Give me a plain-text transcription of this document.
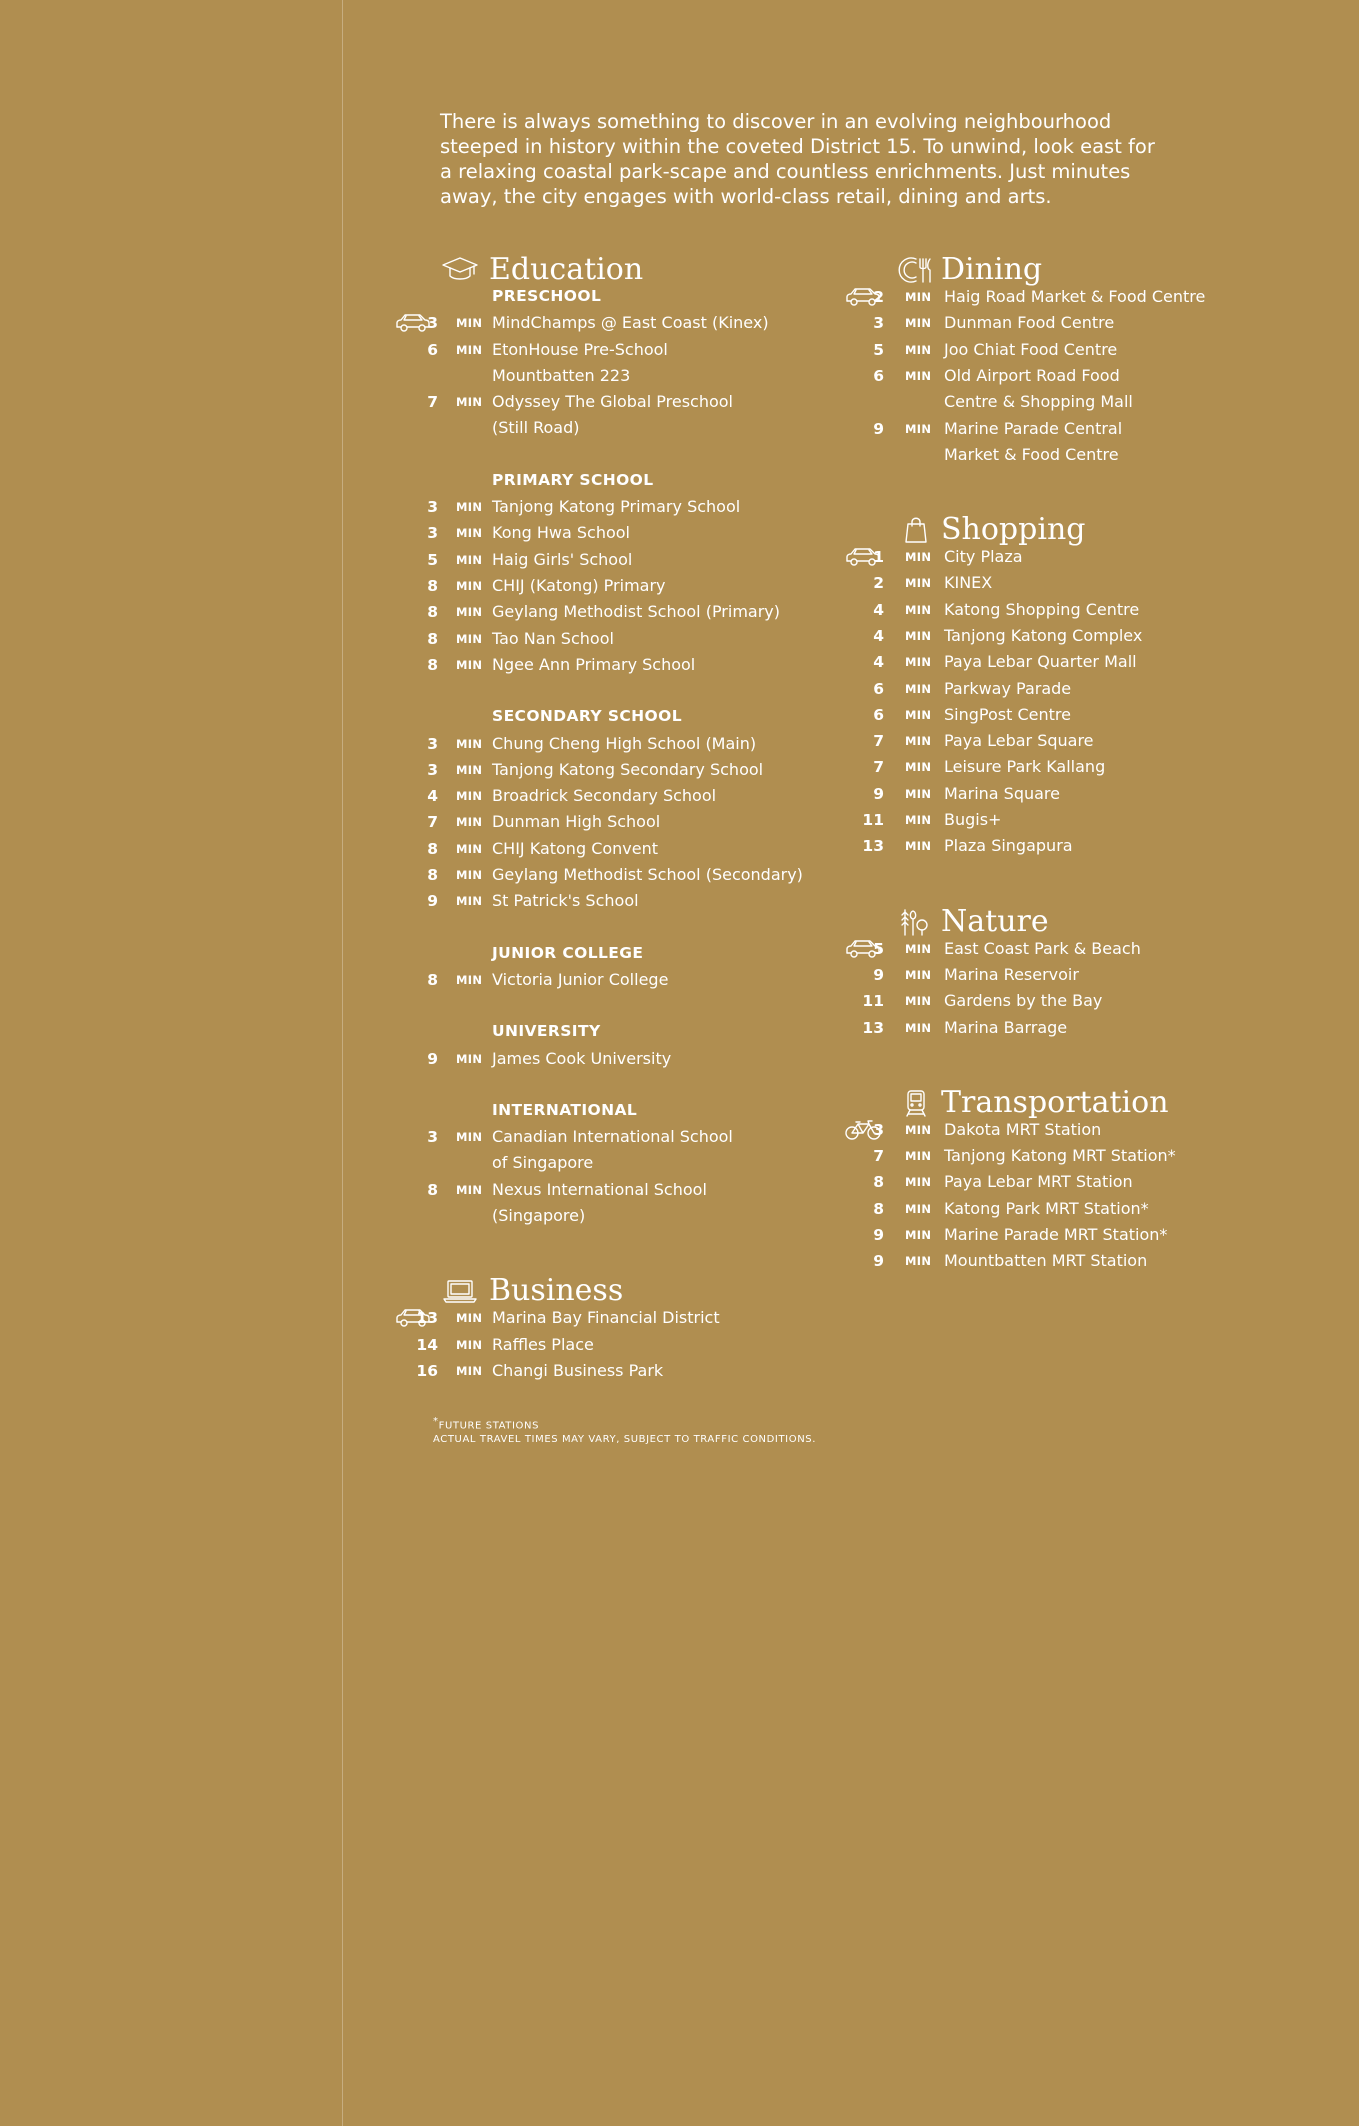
There is always something to discover in an evolving neighbourhood steeped in history within the coveted District 15. To unwind, look east for a relaxing coastal park-scape and countless enrichments. Just minutes away, the city engages with world-class retail, dining and arts.

Education
PRESCHOOL
3 MIN MindChamps @ East Coast (Kinex)
6 MIN EtonHouse Pre-School
Mountbatten 223
7 MIN Odyssey The Global Preschool
(Still Road)
PRIMARY SCHOOL
3 MIN Tanjong Katong Primary School
3 MIN Kong Hwa School
5 MIN Haig Girls' School
8 MIN CHIJ (Katong) Primary
8 MIN Geylang Methodist School (Primary)
8 MIN Tao Nan School
8 MIN Ngee Ann Primary School
SECONDARY SCHOOL
3 MIN Chung Cheng High School (Main)
3 MIN Tanjong Katong Secondary School
4 MIN Broadrick Secondary School
7 MIN Dunman High School
8 MIN CHIJ Katong Convent
8 MIN Geylang Methodist School (Secondary)
9 MIN St Patrick's School
JUNIOR COLLEGE
8 MIN Victoria Junior College
UNIVERSITY
9 MIN James Cook University
INTERNATIONAL
3 MIN Canadian International School
of Singapore
8 MIN Nexus International School
(Singapore)
Business
13 MIN Marina Bay Financial District
14 MIN Raffles Place
16 MIN Changi Business Park
Dining
2 MIN Haig Road Market & Food Centre
3 MIN Dunman Food Centre
5 MIN Joo Chiat Food Centre
6 MIN Old Airport Road Food
Centre & Shopping Mall
9 MIN Marine Parade Central
Market & Food Centre
Shopping
1 MIN City Plaza
2 MIN KINEX
4 MIN Katong Shopping Centre
4 MIN Tanjong Katong Complex
4 MIN Paya Lebar Quarter Mall
6 MIN Parkway Parade
6 MIN SingPost Centre
7 MIN Paya Lebar Square
7 MIN Leisure Park Kallang
9 MIN Marina Square
11 MIN Bugis+
13 MIN Plaza Singapura
Nature
5 MIN East Coast Park & Beach
9 MIN Marina Reservoir
11 MIN Gardens by the Bay
13 MIN Marina Barrage
Transportation
3 MIN Dakota MRT Station
7 MIN Tanjong Katong MRT Station*
8 MIN Paya Lebar MRT Station
8 MIN Katong Park MRT Station*
9 MIN Marine Parade MRT Station*
9 MIN Mountbatten MRT Station
*FUTURE STATIONS
ACTUAL TRAVEL TIMES MAY VARY, SUBJECT TO TRAFFIC CONDITIONS.
